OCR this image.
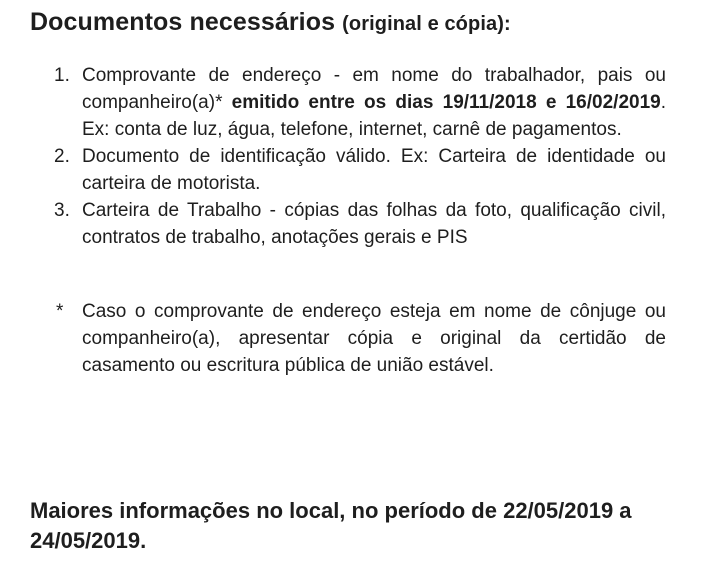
Documentos necessários (original e cópia):
1. Comprovante de endereço - em nome do trabalhador, pais ou companheiro(a)* emitido entre os dias 19/11/2018 e 16/02/2019. Ex: conta de luz, água, telefone, internet, carnê de pagamentos.
2. Documento de identificação válido. Ex: Carteira de identidade ou carteira de motorista.
3. Carteira de Trabalho - cópias das folhas da foto, qualificação civil, contratos de trabalho, anotações gerais e PIS
* Caso o comprovante de endereço esteja em nome de cônjuge ou companheiro(a), apresentar cópia e original da certidão de casamento ou escritura pública de união estável.

Maiores informações no local, no período de 22/05/2019 a 24/05/2019.
